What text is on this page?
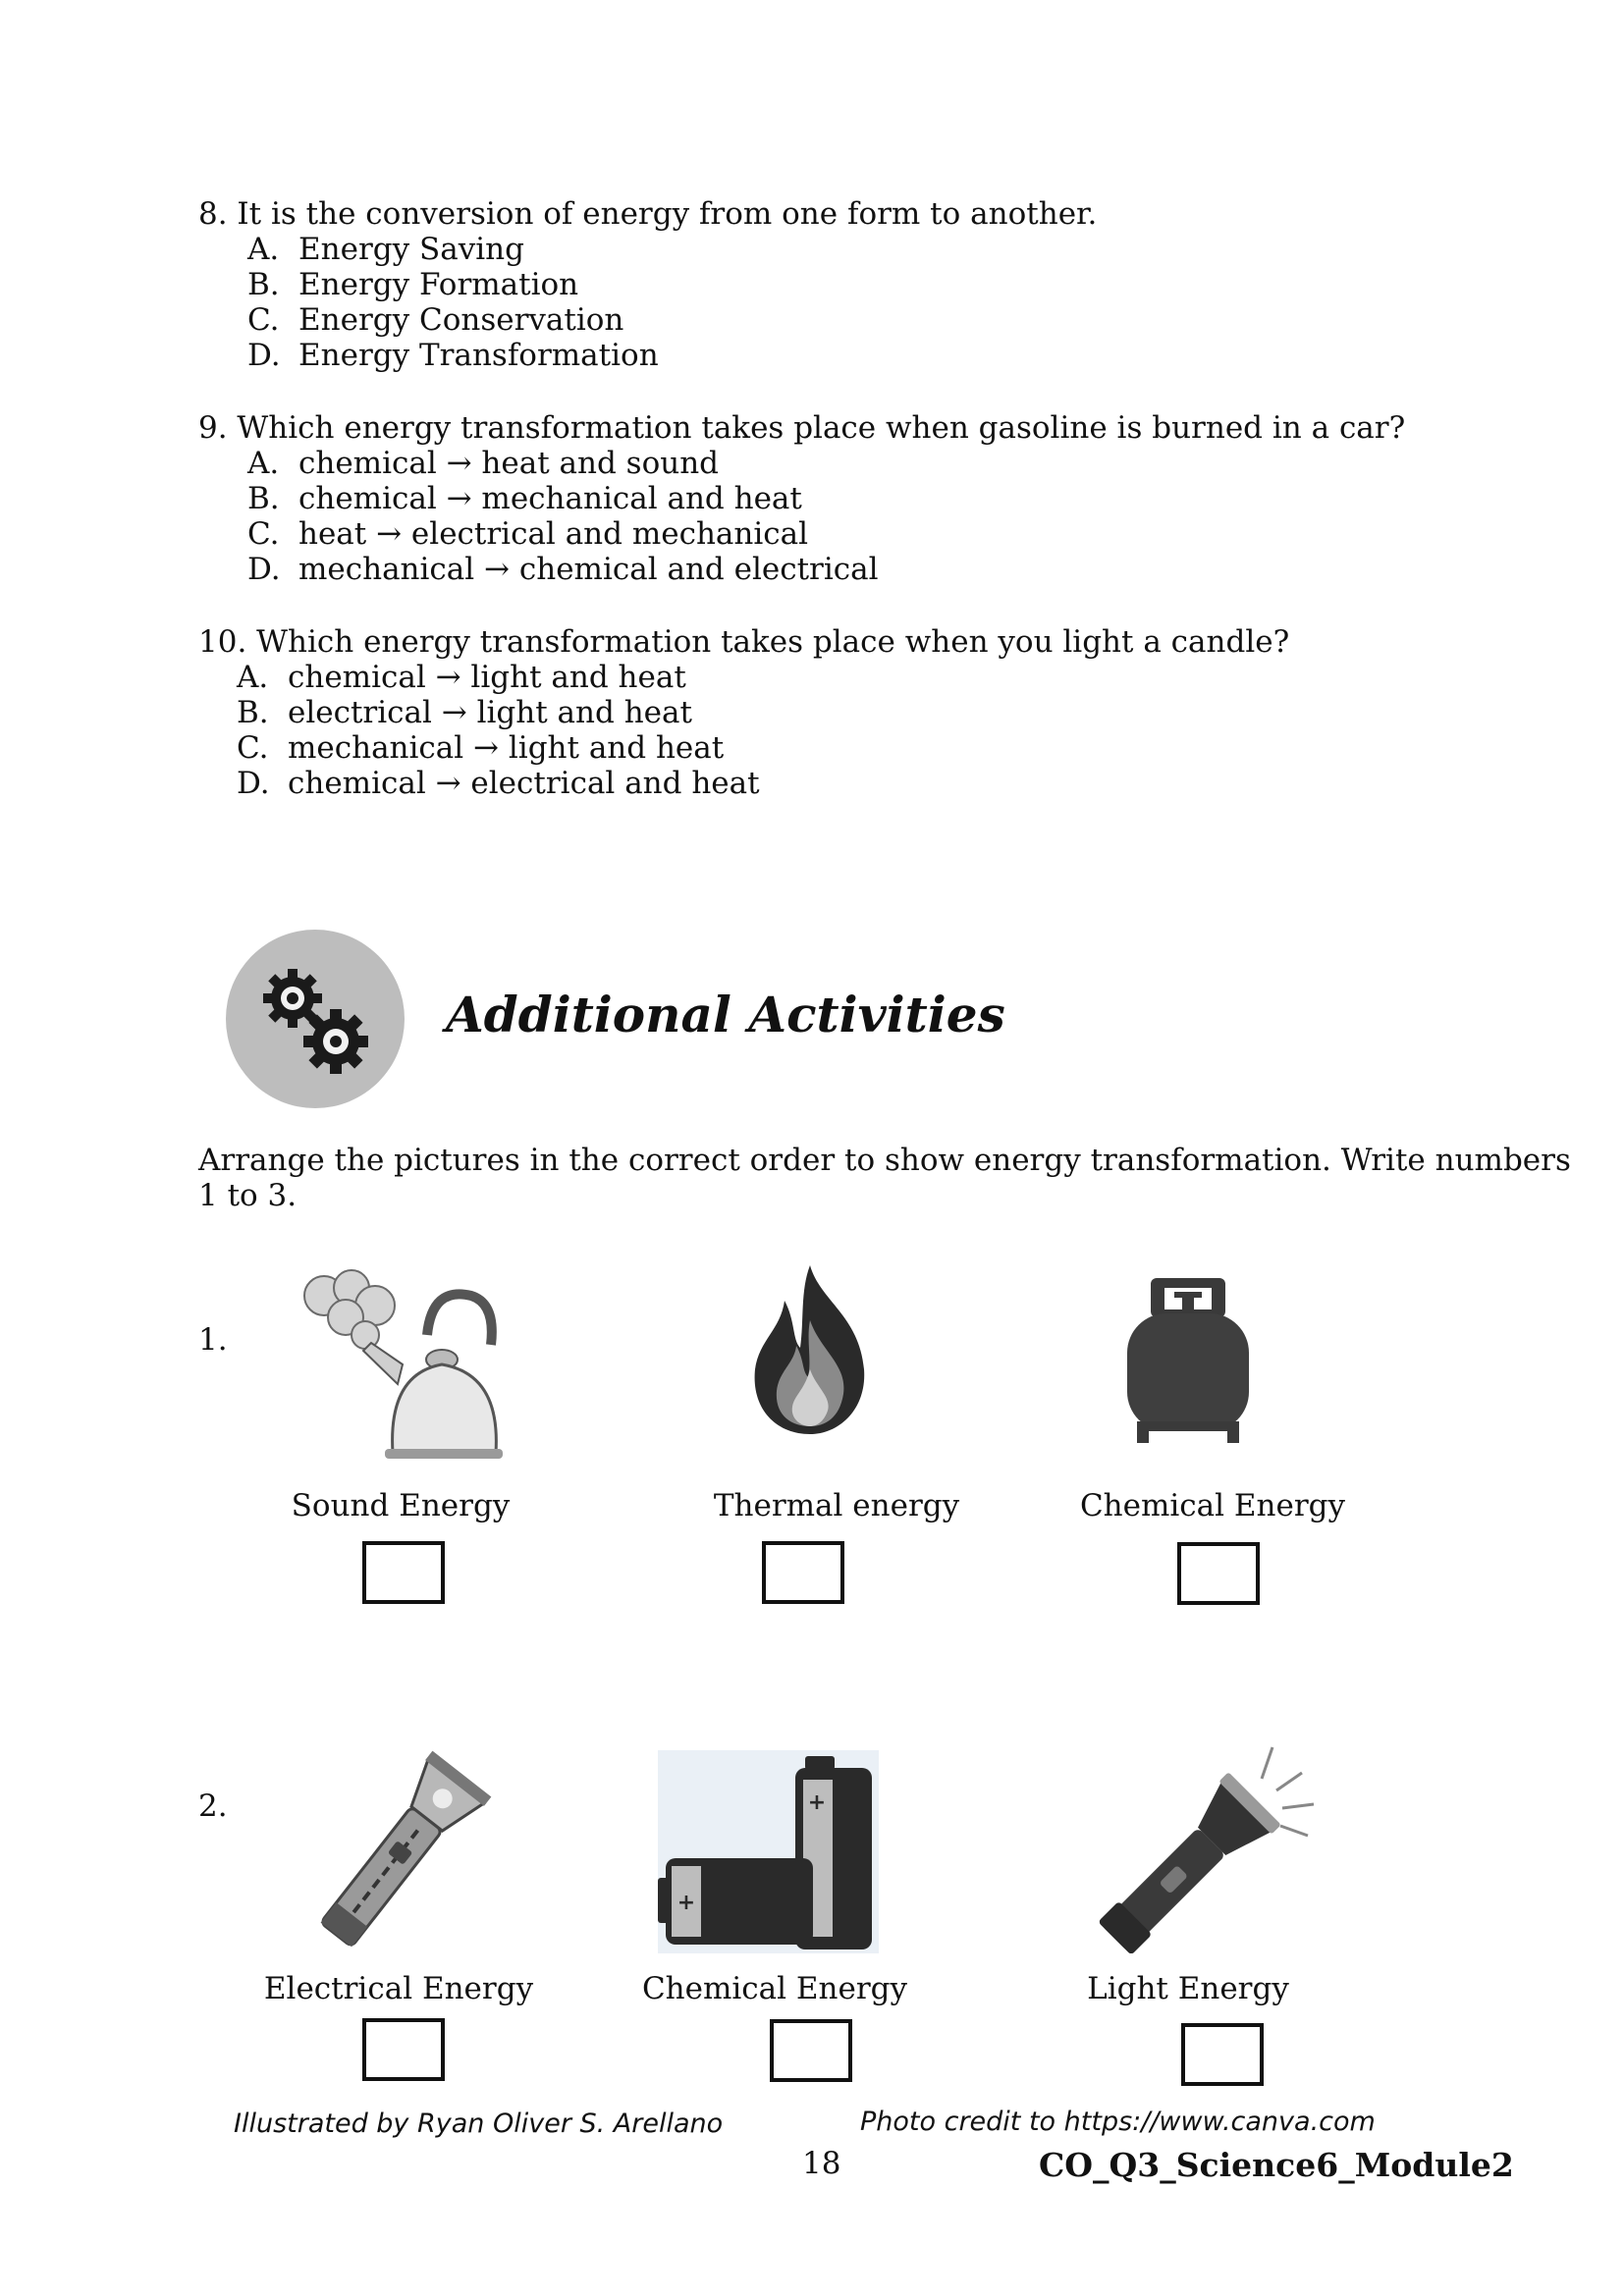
8. It is the conversion of energy from one form to another.
A. Energy Saving
B. Energy Formation
C. Energy Conservation
D. Energy Transformation
9. Which energy transformation takes place when gasoline is burned in a car?
A. chemical → heat and sound
B. chemical → mechanical and heat
C. heat → electrical and mechanical
D. mechanical → chemical and electrical
10. Which energy transformation takes place when you light a candle?
A. chemical → light and heat
B. electrical → light and heat
C. mechanical → light and heat
D. chemical → electrical and heat
Additional Activities
Arrange the pictures in the correct order to show energy transformation. Write numbers 1 to 3.
1.
Sound Energy	Thermal energy	Chemical Energy
2.	+
+
Electrical Energy	Chemical Energy	Light Energy
Illustrated by Ryan Oliver S. Arellano	Photo credit to https://www.canva.com
18	CO_Q3_Science6_Module2
